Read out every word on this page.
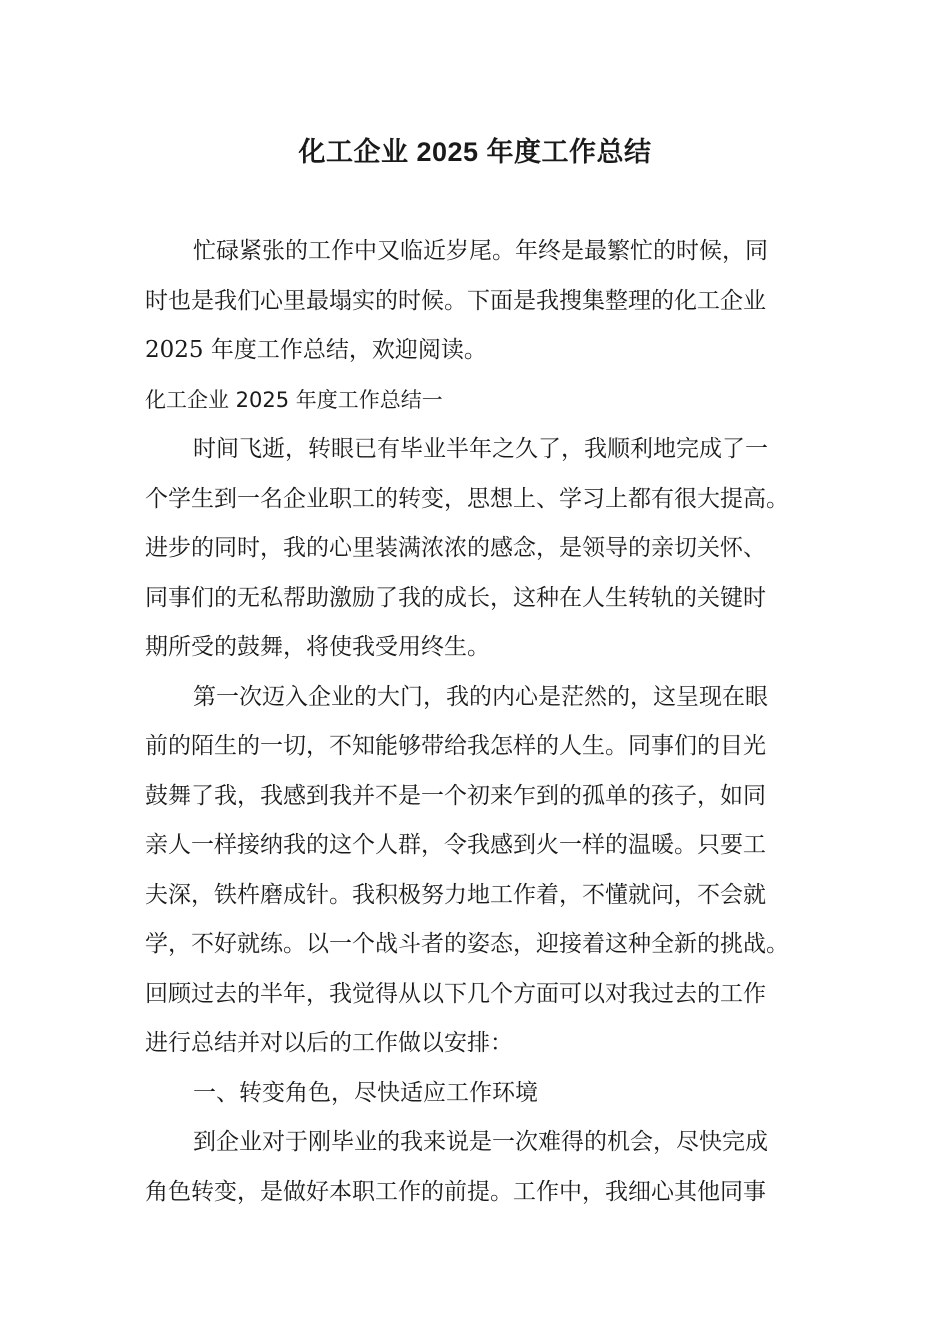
化工企业 2025 年度工作总结
忙碌紧张的工作中又临近岁尾。年终是最繁忙的时候，同
时也是我们心里最塌实的时候。下面是我搜集整理的化工企业
2025 年度工作总结，欢迎阅读。
化工企业 2025 年度工作总结一
时间飞逝，转眼已有毕业半年之久了，我顺利地完成了一
个学生到一名企业职工的转变，思想上、学习上都有很大提高。
进步的同时，我的心里装满浓浓的感念，是领导的亲切关怀、
同事们的无私帮助激励了我的成长，这种在人生转轨的关键时
期所受的鼓舞，将使我受用终生。
第一次迈入企业的大门，我的内心是茫然的，这呈现在眼
前的陌生的一切，不知能够带给我怎样的人生。同事们的目光
鼓舞了我，我感到我并不是一个初来乍到的孤单的孩子，如同
亲人一样接纳我的这个人群，令我感到火一样的温暖。只要工
夫深，铁杵磨成针。我积极努力地工作着，不懂就问，不会就
学，不好就练。以一个战斗者的姿态，迎接着这种全新的挑战。
回顾过去的半年，我觉得从以下几个方面可以对我过去的工作
进行总结并对以后的工作做以安排：
一、转变角色，尽快适应工作环境
到企业对于刚毕业的我来说是一次难得的机会，尽快完成
角色转变，是做好本职工作的前提。工作中，我细心其他同事
